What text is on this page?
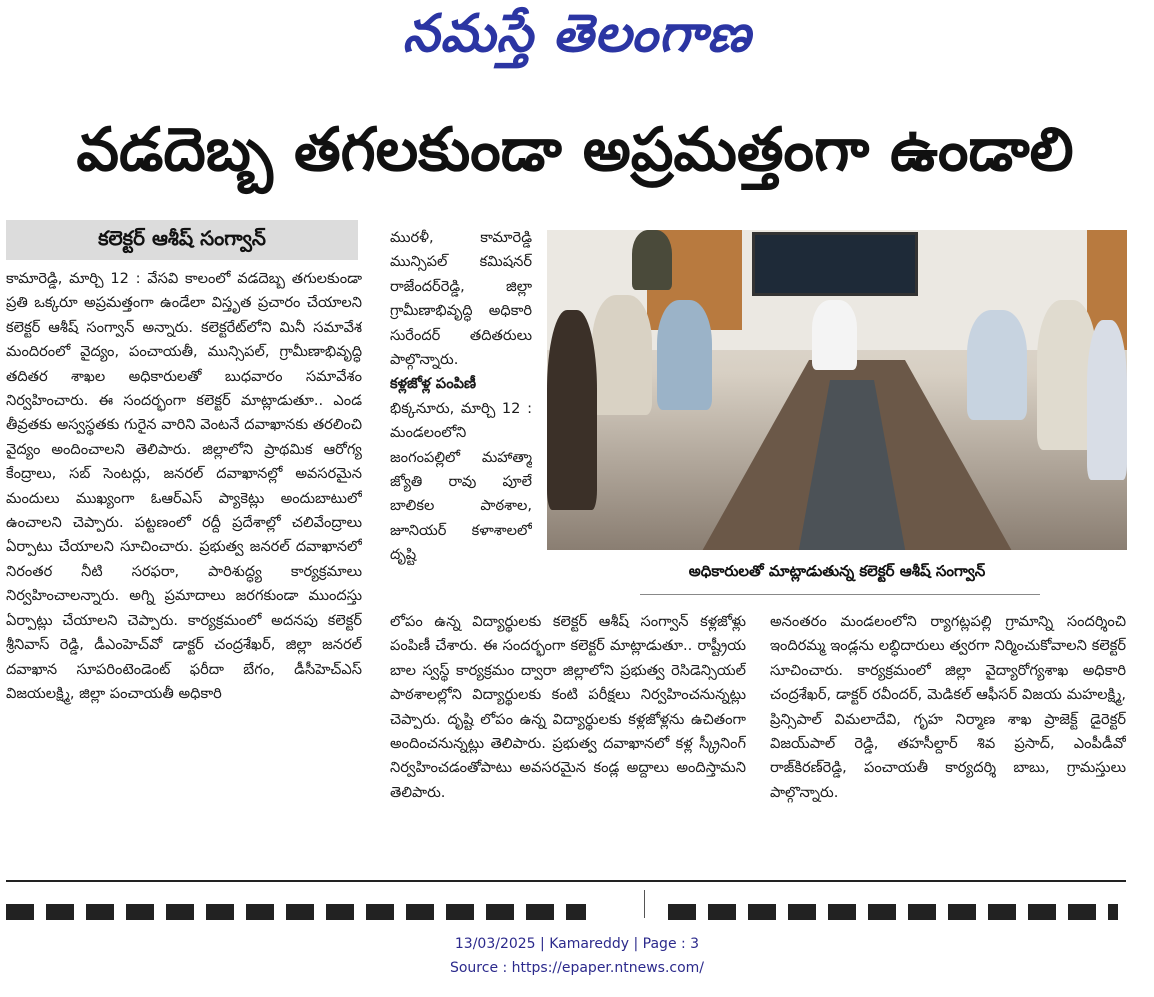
నమస్తే తెలంగాణ
వడదెబ్బ తగలకుండా అప్రమత్తంగా ఉండాలి
కలెక్టర్ ఆశీష్ సంగ్వాన్
కామారెడ్డి, మార్చి 12 : వేసవి కాలంలో వడదెబ్బ తగులకుండా ప్రతి ఒక్కరూ అప్రమత్తంగా ఉండేలా విస్తృత ప్రచారం చేయాలని కలెక్టర్ ఆశీష్ సంగ్వాన్ అన్నారు. కలెక్టరేట్‌లోని మినీ సమావేశ మందిరంలో వైద్యం, పంచాయతీ, మున్సిపల్, గ్రామీణాభివృద్ధి తదితర శాఖల అధికారులతో బుధవారం సమావేశం నిర్వహించారు. ఈ సందర్భంగా కలెక్టర్ మాట్లాడుతూ.. ఎండ తీవ్రతకు అస్వస్థతకు గురైన వారిని వెంటనే దవాఖానకు తరలించి వైద్యం అందించాలని తెలిపారు. జిల్లాలోని ప్రాథమిక ఆరోగ్య కేంద్రాలు, సబ్ సెంటర్లు, జనరల్ దవాఖానల్లో అవసరమైన మందులు ముఖ్యంగా ఓఆర్‌ఎస్ ప్యాకెట్లు అందుబాటులో ఉంచాలని చెప్పారు. పట్టణంలో రద్దీ ప్రదేశాల్లో చలివేంద్రాలు ఏర్పాటు చేయాలని సూచించారు. ప్రభుత్వ జనరల్ దవాఖానలో నిరంతర నీటి సరఫరా, పారిశుద్ధ్య కార్యక్రమాలు నిర్వహించాలన్నారు. అగ్ని ప్రమాదాలు జరగకుండా ముందస్తు ఏర్పాట్లు చేయాలని చెప్పారు. కార్యక్రమంలో అదనపు కలెక్టర్ శ్రీనివాస్ రెడ్డి, డీఎంహెచ్‌వో డాక్టర్ చంద్రశేఖర్, జిల్లా జనరల్ దవాఖాన సూపరింటెండెంట్ ఫరీదా బేగం, డీసీహెచ్‌ఎస్ విజయలక్ష్మి, జిల్లా పంచాయతీ అధికారి
మురళీ, కామారెడ్డి మున్సిపల్ కమిషనర్ రాజేందర్‌రెడ్డి, జిల్లా గ్రామీణాభివృద్ధి అధికారి సురేందర్ తదితరులు పాల్గొన్నారు.
కళ్లజోళ్ల పంపిణీ
భిక్కనూరు, మార్చి 12 : మండలంలోని జంగంపల్లిలో మహాత్మా జ్యోతి రావు పూలే బాలికల పాఠశాల, జూనియర్ కళాశాలలో దృష్టి
అధికారులతో మాట్లాడుతున్న కలెక్టర్ ఆశీష్ సంగ్వాన్
లోపం ఉన్న విద్యార్థులకు కలెక్టర్ ఆశీష్ సంగ్వాన్ కళ్లజోళ్లు పంపిణీ చేశారు. ఈ సందర్భంగా కలెక్టర్ మాట్లాడుతూ.. రాష్ట్రీయ బాల స్వస్థ్ కార్యక్రమం ద్వారా జిల్లాలోని ప్రభుత్వ రెసిడెన్సియల్ పాఠశాలల్లోని విద్యార్థులకు కంటి పరీక్షలు నిర్వహించనున్నట్లు చెప్పారు. దృష్టి లోపం ఉన్న విద్యార్థులకు కళ్లజోళ్లను ఉచితంగా అందించనున్నట్లు తెలిపారు. ప్రభుత్వ దవాఖానలో కళ్ల స్క్రీనింగ్ నిర్వహించడంతోపాటు అవసరమైన కండ్ల అద్దాలు అందిస్తామని తెలిపారు.
అనంతరం మండలంలోని ర్యాగట్లపల్లి గ్రామాన్ని సందర్శించి ఇందిరమ్మ ఇండ్లను లబ్ధిదారులు త్వరగా నిర్మించుకోవాలని కలెక్టర్ సూచించారు. కార్యక్రమంలో జిల్లా వైద్యారోగ్యశాఖ అధికారి చంద్రశేఖర్, డాక్టర్ రవీందర్, మెడికల్ ఆఫీసర్ విజయ మహలక్ష్మి, ప్రిన్సిపాల్ విమలాదేవి, గృహ నిర్మాణ శాఖ ప్రాజెక్ట్ డైరెక్టర్ విజయ్‌పాల్ రెడ్డి, తహసీల్దార్ శివ ప్రసాద్, ఎంపీడీవో రాజ్‌కిరణ్‌రెడ్డి, పంచాయతీ కార్యదర్శి బాబు, గ్రామస్తులు పాల్గొన్నారు.
13/03/2025 | Kamareddy | Page : 3
Source : https://epaper.ntnews.com/
